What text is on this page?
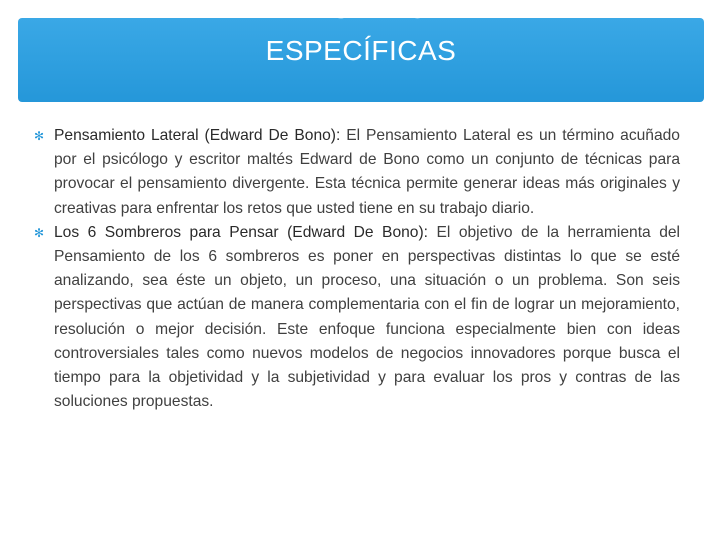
HERRAMIENTAS DE CREATIVIDAD
ESPECÍFICAS

✻ Pensamiento Lateral (Edward De Bono): El Pensamiento Lateral es un término acuñado por el psicólogo y escritor maltés Edward de Bono como un conjunto de técnicas para provocar el pensamiento divergente. Esta técnica permite generar ideas más originales y creativas para enfrentar los retos que usted tiene en su trabajo diario.

✻ Los 6 Sombreros para Pensar (Edward De Bono): El objetivo de la herramienta del Pensamiento de los 6 sombreros es poner en perspectivas distintas lo que se esté analizando, sea éste un objeto, un proceso, una situación o un problema. Son seis perspectivas que actúan de manera complementaria con el fin de lograr un mejoramiento, resolución o mejor decisión. Este enfoque funciona especialmente bien con ideas controversiales tales como nuevos modelos de negocios innovadores porque busca el tiempo para la objetividad y la subjetividad y para evaluar los pros y contras de las soluciones propuestas.
